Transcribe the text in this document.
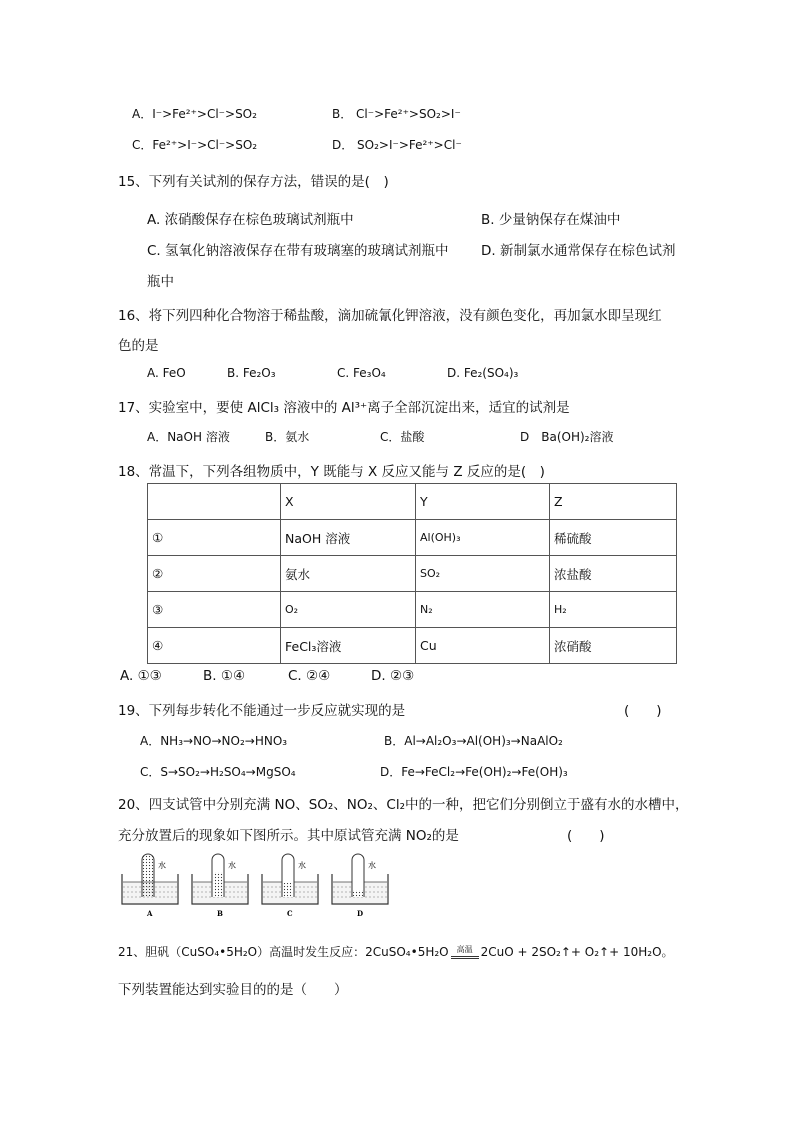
A．I⁻>Fe²⁺>Cl⁻>SO₂	B． Cl⁻>Fe²⁺>SO₂>I⁻
C．Fe²⁺>I⁻>Cl⁻>SO₂	D． SO₂>I⁻>Fe²⁺>Cl⁻
15、下列有关试剂的保存方法，错误的是(　)
A. 浓硝酸保存在棕色玻璃试剂瓶中	B. 少量钠保存在煤油中
C. 氢氧化钠溶液保存在带有玻璃塞的玻璃试剂瓶中 D. 新制氯水通常保存在棕色试剂
瓶中
16、将下列四种化合物溶于稀盐酸，滴加硫氰化钾溶液，没有颜色变化，再加氯水即呈现红
色的是
A. FeO	B. Fe₂O₃	C. Fe₃O₄	D. Fe₂(SO₄)₃
17、实验室中，要使 AlCl₃ 溶液中的 Al³⁺离子全部沉淀出来，适宜的试剂是
A．NaOH 溶液	B．氨水	C．盐酸	D　Ba(OH)₂溶液
18、常温下，下列各组物质中，Y 既能与 X 反应又能与 Z 反应的是(　)
	X	Y	Z
①	NaOH 溶液	Al(OH)₃	稀硫酸
②	氨水	SO₂	浓盐酸
③	O₂	N₂	H₂
④	FeCl₃溶液	Cu	浓硝酸
A. ①③	B. ①④	C. ②④	D. ②③
19、下列每步转化不能通过一步反应就实现的是	(　　)
A．NH₃→NO→NO₂→HNO₃	B．Al→Al₂O₃→Al(OH)₃→NaAlO₂
C．S→SO₂→H₂SO₄→MgSO₄	D．Fe→FeCl₂→Fe(OH)₂→Fe(OH)₃
20、四支试管中分别充满 NO、SO₂、NO₂、Cl₂中的一种，把它们分别倒立于盛有水的水槽中，
充分放置后的现象如下图所示。其中原试管充满 NO₂的是	(　　)
水
A
水
B
水
C
水
D
21、胆矾（CuSO₄•5H₂O）高温时发生反应：2CuSO₄•5H₂O 高温 2CuO + 2SO₂↑+ O₂↑+ 10H₂O。
下列装置能达到实验目的的是（　　）
